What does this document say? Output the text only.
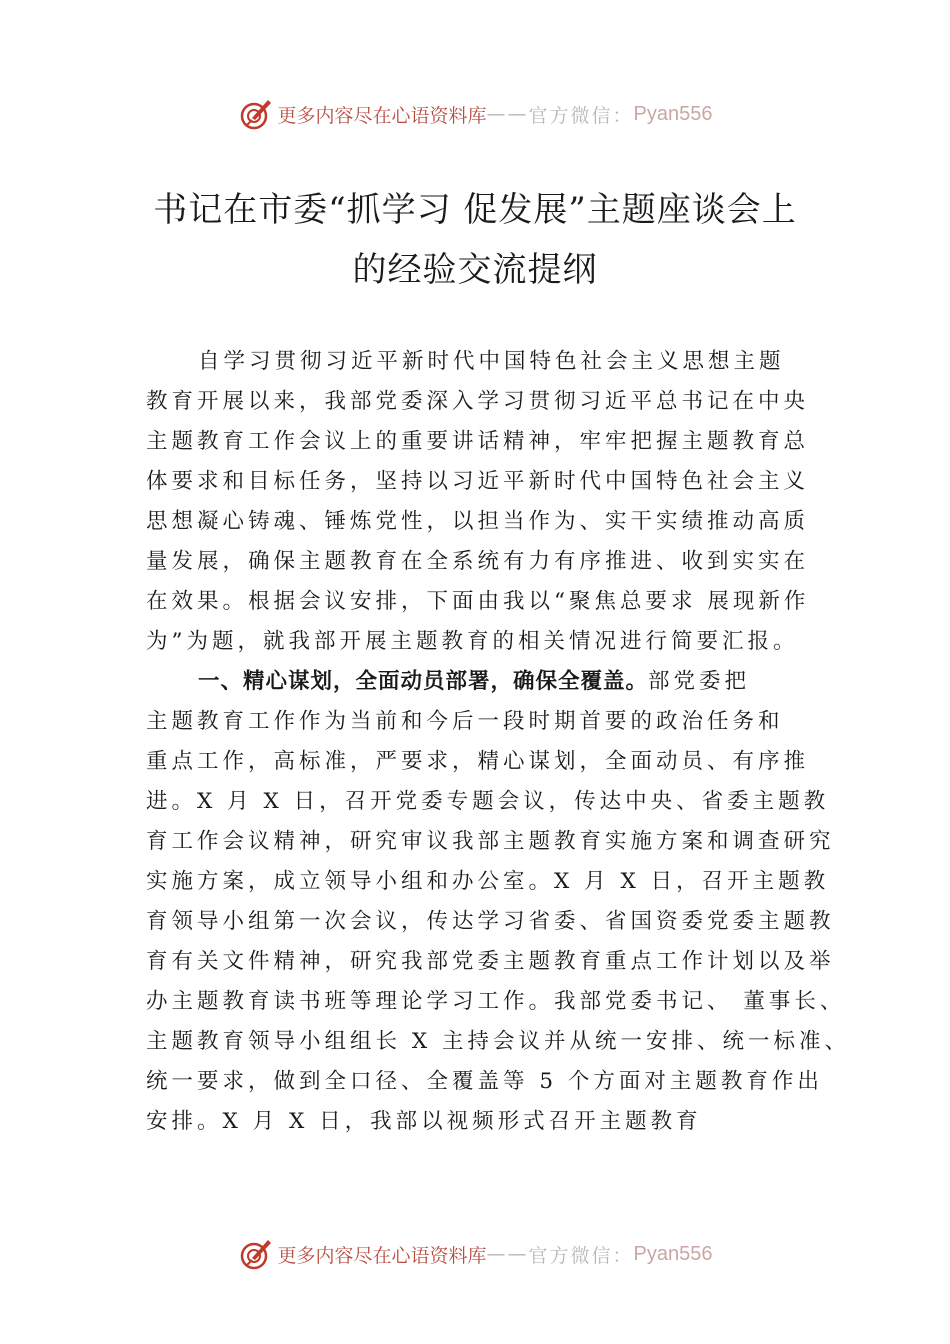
更多内容尽在心语资料库 —— 官方微信： Pyan556
书记在市委“抓学习 促发展”主题座谈会上
的经验交流提纲
自学习贯彻习近平新时代中国特色社会主义思想主题
教育开展以来，我部党委深入学习贯彻习近平总书记在中央
主题教育工作会议上的重要讲话精神，牢牢把握主题教育总
体要求和目标任务，坚持以习近平新时代中国特色社会主义
思想凝心铸魂、锤炼党性，以担当作为、实干实绩推动高质
量发展，确保主题教育在全系统有力有序推进、收到实实在
在效果。根据会议安排，下面由我以“聚焦总要求 展现新作
为”为题，就我部开展主题教育的相关情况进行简要汇报。
一、精心谋划，全面动员部署，确保全覆盖。部党委把
主题教育工作作为当前和今后一段时期首要的政治任务和
重点工作，高标准，严要求，精心谋划，全面动员、有序推
进。X 月 X 日，召开党委专题会议，传达中央、省委主题教
育工作会议精神，研究审议我部主题教育实施方案和调查研究
实施方案，成立领导小组和办公室。X 月 X 日，召开主题教
育领导小组第一次会议，传达学习省委、省国资委党委主题教
育有关文件精神，研究我部党委主题教育重点工作计划以及举
办主题教育读书班等理论学习工作。我部党委书记、 董事长、
主题教育领导小组组长 X 主持会议并从统一安排、统一标准、
统一要求，做到全口径、全覆盖等 5 个方面对主题教育作出
安排。X 月 X 日，我部以视频形式召开主题教育
更多内容尽在心语资料库 —— 官方微信： Pyan556
